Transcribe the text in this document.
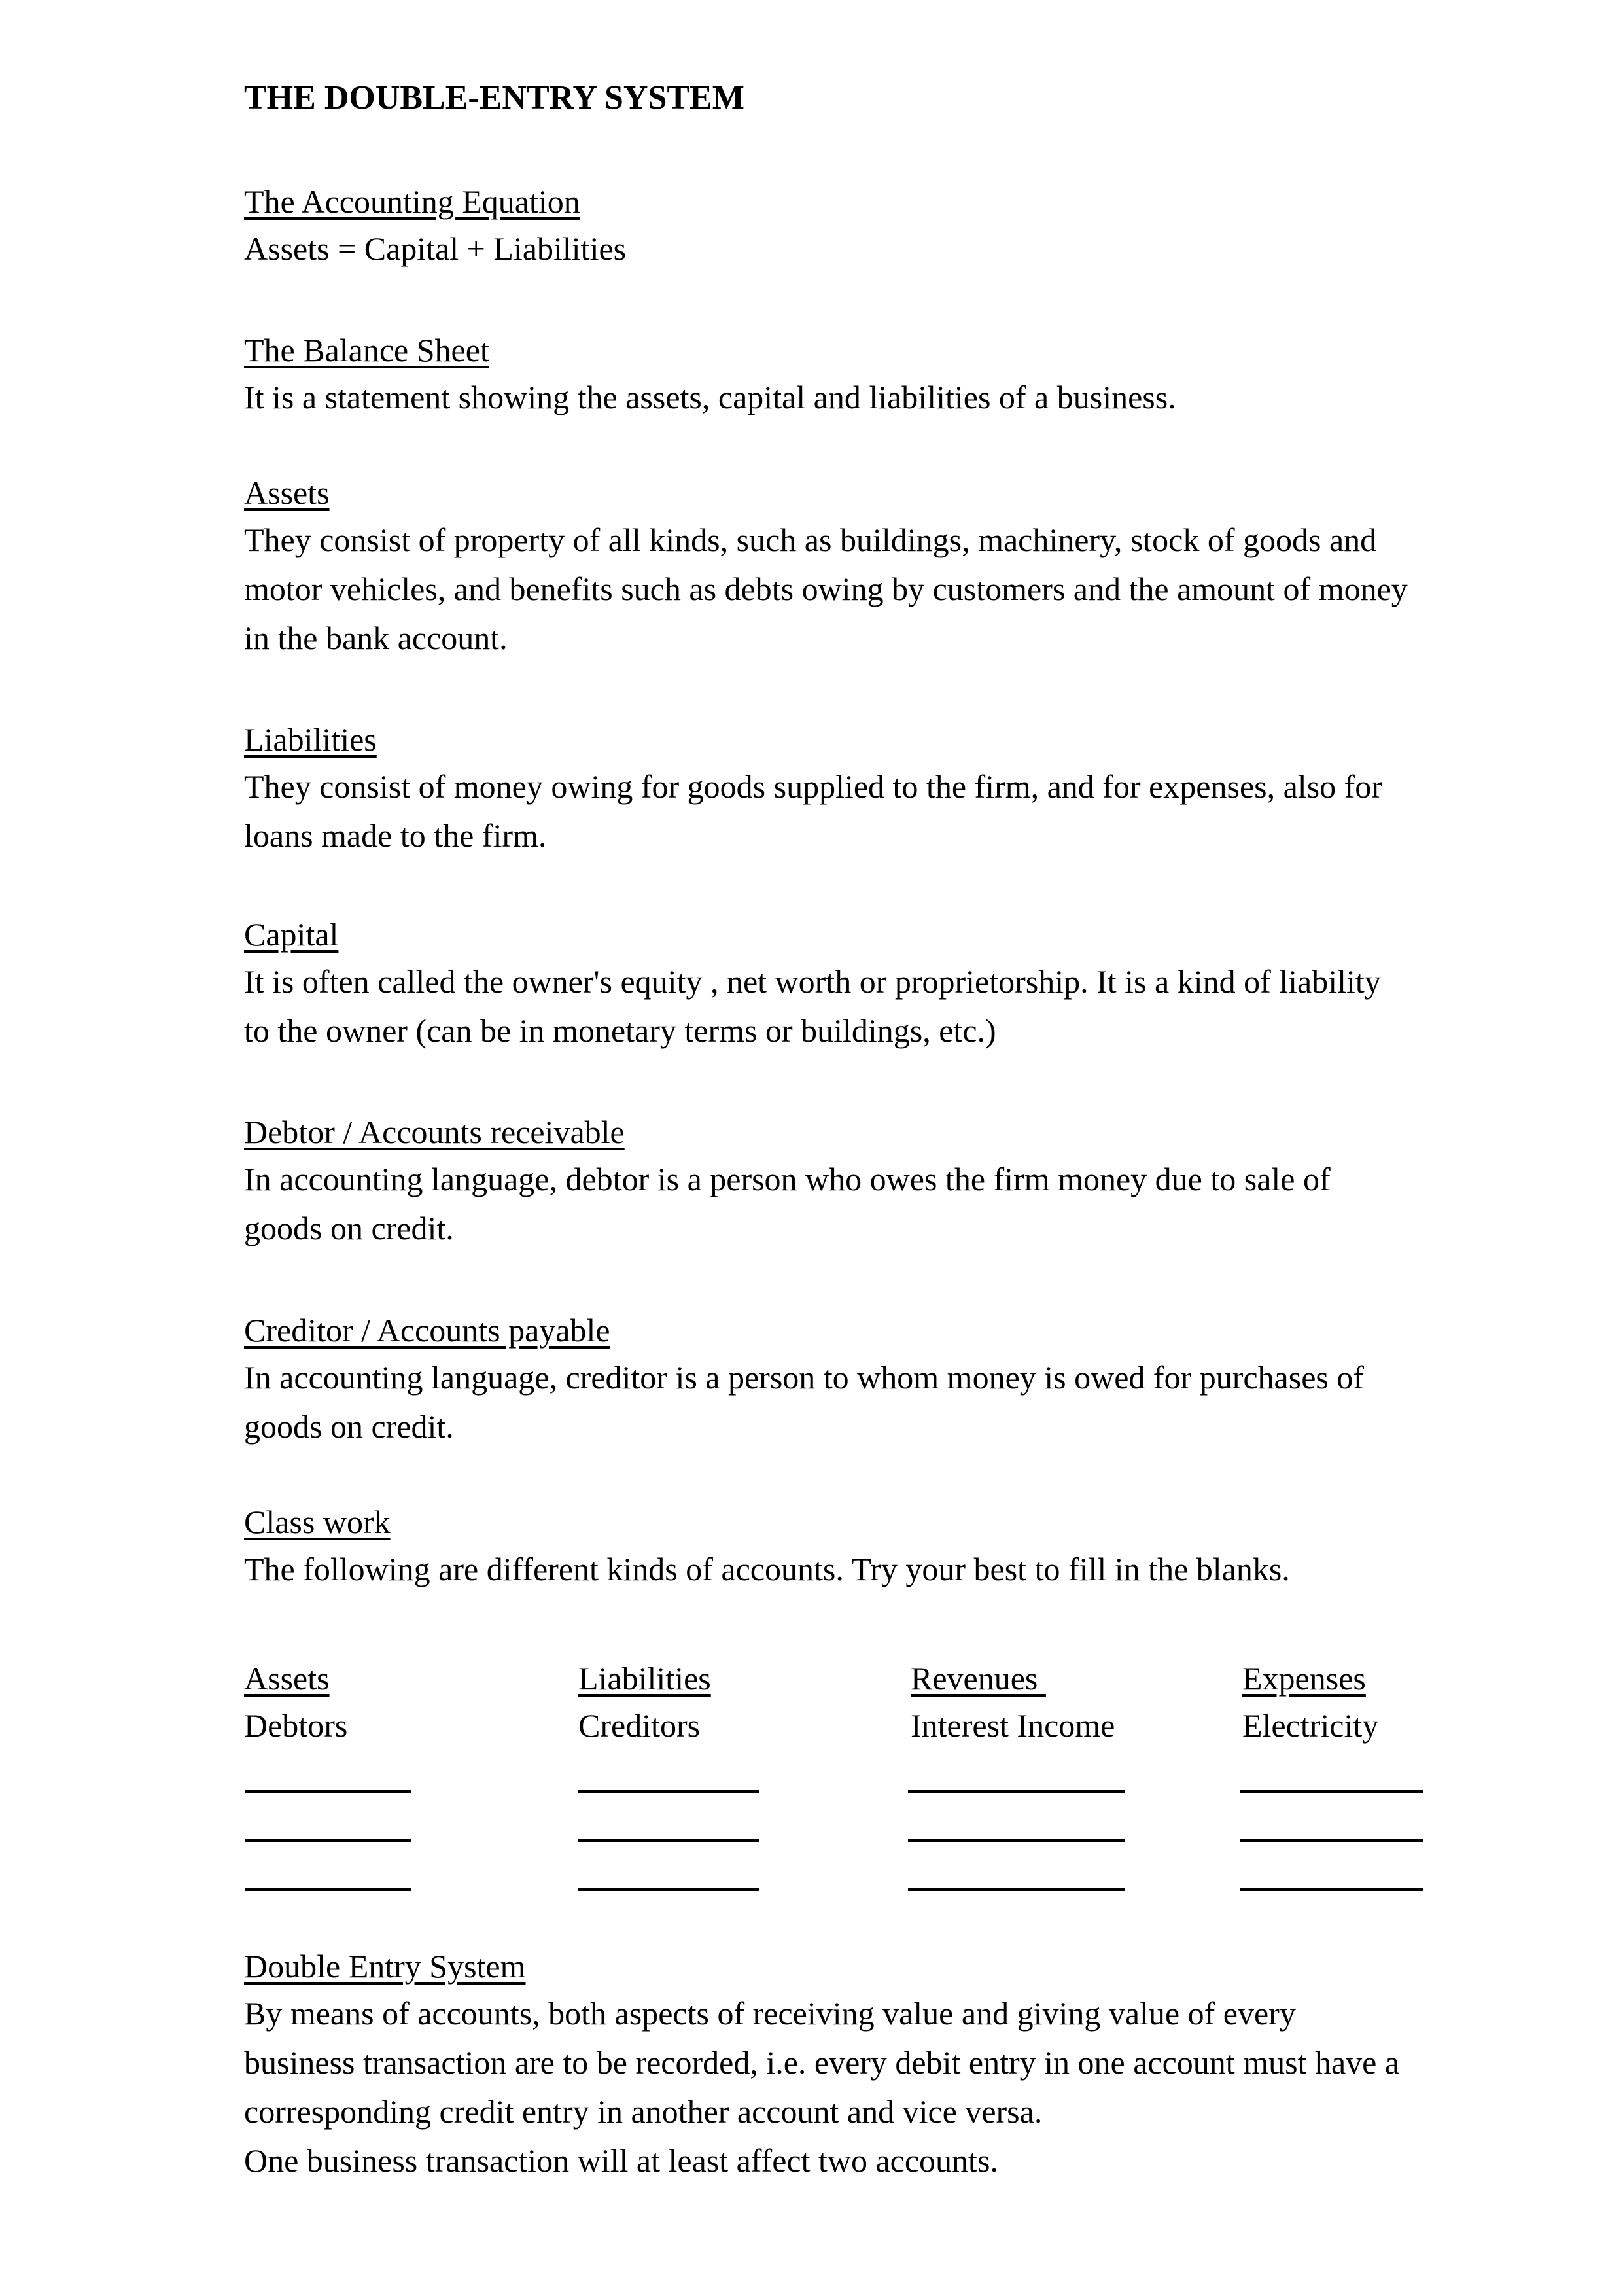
THE DOUBLE-ENTRY SYSTEM
The Accounting Equation
Assets = Capital + Liabilities
The Balance Sheet
It is a statement showing the assets, capital and liabilities of a business.
Assets
They consist of property of all kinds, such as buildings, machinery, stock of goods and
motor vehicles, and benefits such as debts owing by customers and the amount of money
in the bank account.
Liabilities
They consist of money owing for goods supplied to the firm, and for expenses, also for
loans made to the firm.
Capital
It is often called the owner's equity , net worth or proprietorship. It is a kind of liability
to the owner (can be in monetary terms or buildings, etc.)
Debtor / Accounts receivable
In accounting language, debtor is a person who owes the firm money due to sale of
goods on credit.
Creditor / Accounts payable
In accounting language, creditor is a person to whom money is owed for purchases of
goods on credit.
Class work
The following are different kinds of accounts. Try your best to fill in the blanks.
Assets
Debtors
Liabilities
Creditors
Revenues
Interest Income
Expenses
Electricity
Double Entry System
By means of accounts, both aspects of receiving value and giving value of every
business transaction are to be recorded, i.e. every debit entry in one account must have a
corresponding credit entry in another account and vice versa.
One business transaction will at least affect two accounts.
